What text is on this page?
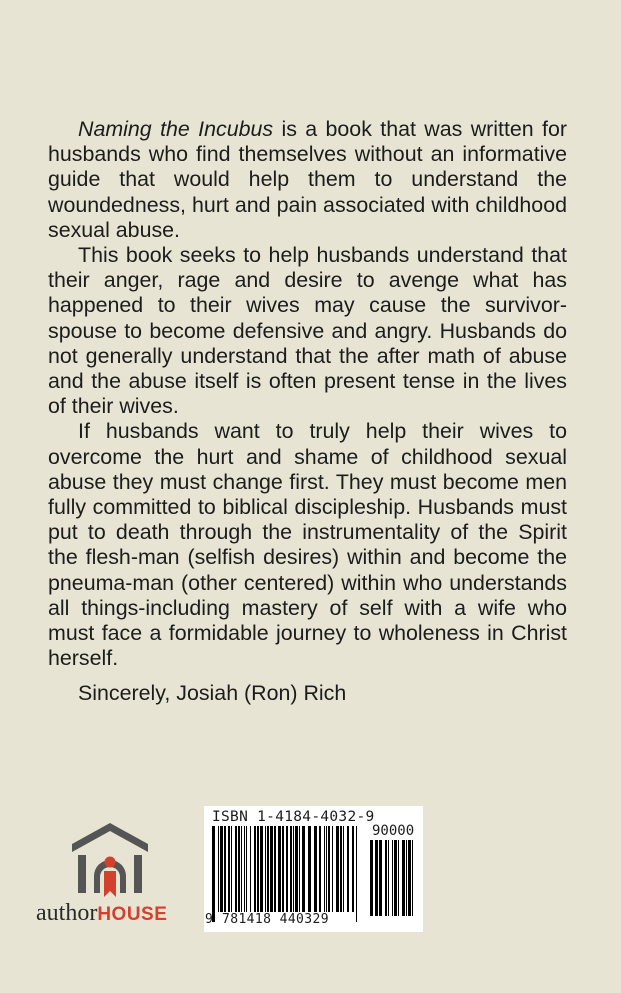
Naming the Incubus is a book that was written for husbands who find themselves without an informative guide that would help them to understand the woundedness, hurt and pain associated with childhood sexual abuse.

This book seeks to help husbands understand that their anger, rage and desire to avenge what has happened to their wives may cause the survivor-spouse to become defensive and angry. Husbands do not generally understand that the after math of abuse and the abuse itself is often present tense in the lives of their wives.

If husbands want to truly help their wives to overcome the hurt and shame of childhood sexual abuse they must change first. They must become men fully committed to biblical discipleship. Husbands must put to death through the instrumentality of the Spirit the flesh-man (selfish desires) within and become the pneuma-man (other centered) within who understands all things-including mastery of self with a wife who must face a formidable journey to wholeness in Christ herself.

Sincerely, Josiah (Ron) Rich

authorHOUSE
ISBN 1-4184-4032-9
90000
9 781418 440329
